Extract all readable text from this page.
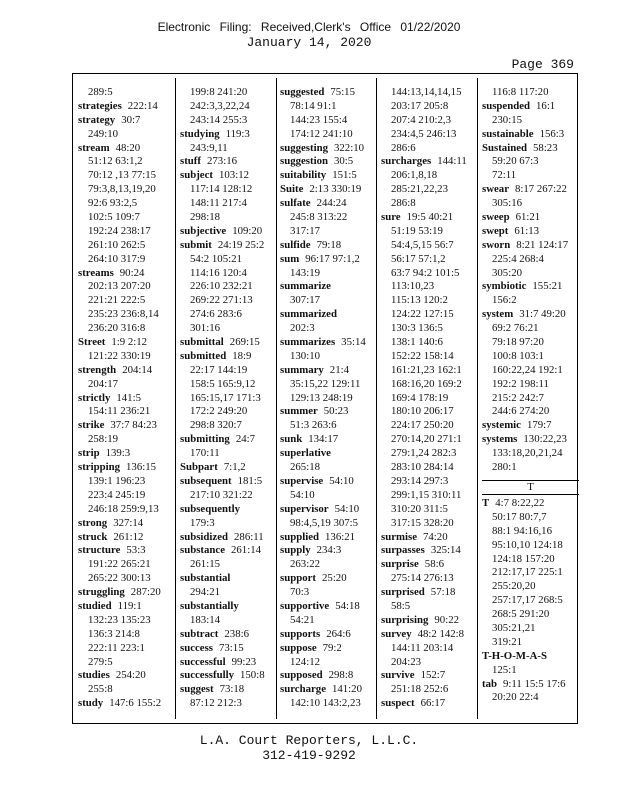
Electronic Filing: Received,Clerk's Office 01/22/2020
January 14, 2020
Page 369
289:5
strategies 222:14
strategy 30:7
249:10
stream 48:20
51:12 63:1,2
70:12 ,13 77:15
79:3,8,13,19,20
92:6 93:2,5
102:5 109:7
192:24 238:17
261:10 262:5
264:10 317:9
streams 90:24
202:13 207:20
221:21 222:5
235:23 236:8,14
236:20 316:8
Street 1:9 2:12
121:22 330:19
strength 204:14
204:17
strictly 141:5
154:11 236:21
strike 37:7 84:23
258:19
strip 139:3
stripping 136:15
139:1 196:23
223:4 245:19
246:18 259:9,13
strong 327:14
struck 261:12
structure 53:3
191:22 265:21
265:22 300:13
struggling 287:20
studied 119:1
132:23 135:23
136:3 214:8
222:11 223:1
279:5
studies 254:20
255:8
study 147:6 155:2
199:8 241:20
242:3,3,22,24
243:14 255:3
studying 119:3
243:9,11
stuff 273:16
subject 103:12
117:14 128:12
148:11 217:4
298:18
subjective 109:20
submit 24:19 25:2
54:2 105:21
114:16 120:4
226:10 232:21
269:22 271:13
274:6 283:6
301:16
submittal 269:15
submitted 18:9
22:17 144:19
158:5 165:9,12
165:15,17 171:3
172:2 249:20
298:8 320:7
submitting 24:7
170:11
Subpart 7:1,2
subsequent 181:5
217:10 321:22
subsequently
179:3
subsidized 286:11
substance 261:14
261:15
substantial
294:21
substantially
183:14
subtract 238:6
success 73:15
successful 99:23
successfully 150:8
suggest 73:18
87:12 212:3
suggested 75:15
78:14 91:1
144:23 155:4
174:12 241:10
suggesting 322:10
suggestion 30:5
suitability 151:5
Suite 2:13 330:19
sulfate 244:24
245:8 313:22
317:17
sulfide 79:18
sum 96:17 97:1,2
143:19
summarize
307:17
summarized
202:3
summarizes 35:14
130:10
summary 21:4
35:15,22 129:11
129:13 248:19
summer 50:23
51:3 263:6
sunk 134:17
superlative
265:18
supervise 54:10
54:10
supervisor 54:10
98:4,5,19 307:5
supplied 136:21
supply 234:3
263:22
support 25:20
70:3
supportive 54:18
54:21
supports 264:6
suppose 79:2
124:12
supposed 298:8
surcharge 141:20
142:10 143:2,23
144:13,14,14,15
203:17 205:8
207:4 210:2,3
234:4,5 246:13
286:6
surcharges 144:11
206:1,8,18
285:21,22,23
286:8
sure 19:5 40:21
51:19 53:19
54:4,5,15 56:7
56:17 57:1,2
63:7 94:2 101:5
113:10,23
115:13 120:2
124:22 127:15
130:3 136:5
138:1 140:6
152:22 158:14
161:21,23 162:1
168:16,20 169:2
169:4 178:19
180:10 206:17
224:17 250:20
270:14,20 271:1
279:1,24 282:3
283:10 284:14
293:14 297:3
299:1,15 310:11
310:20 311:5
317:15 328:20
surmise 74:20
surpasses 325:14
surprise 58:6
275:14 276:13
surprised 57:18
58:5
surprising 90:22
survey 48:2 142:8
144:11 203:14
204:23
survive 152:7
251:18 252:6
suspect 66:17
116:8 117:20
suspended 16:1
230:15
sustainable 156:3
Sustained 58:23
59:20 67:3
72:11
swear 8:17 267:22
305:16
sweep 61:21
swept 61:13
sworn 8:21 124:17
225:4 268:4
305:20
symbiotic 155:21
156:2
system 31:7 49:20
69:2 76:21
79:18 97:20
100:8 103:1
160:22,24 192:1
192:2 198:11
215:2 242:7
244:6 274:20
systemic 179:7
systems 130:22,23
133:18,20,21,24
280:1
T
T 4:7 8:22,22
50:17 80:7,7
88:1 94:16,16
95:10,10 124:18
124:18 157:20
212:17,17 225:1
255:20,20
257:17,17 268:5
268:5 291:20
305:21,21
319:21
T-H-O-M-A-S
125:1
tab 9:11 15:5 17:6
20:20 22:4
L.A. Court Reporters, L.L.C.
312-419-9292
